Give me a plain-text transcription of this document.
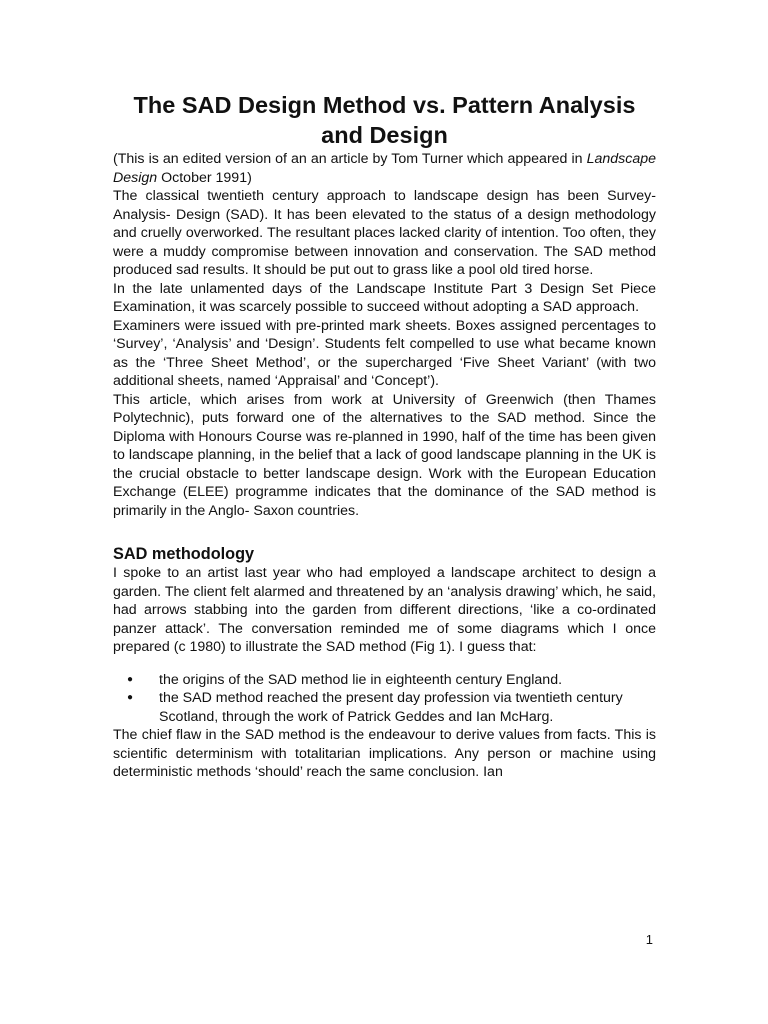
The SAD Design Method vs. Pattern Analysis
and Design

(This is an edited version of an an article by Tom Turner which appeared in Landscape Design October 1991)

The classical twentieth century approach to landscape design has been Survey-Analysis- Design (SAD). It has been elevated to the status of a design methodology and cruelly overworked. The resultant places lacked clarity of intention. Too often, they were a muddy compromise between innovation and conservation. The SAD method produced sad results. It should be put out to grass like a pool old tired horse.

In the late unlamented days of the Landscape Institute Part 3 Design Set Piece Examination, it was scarcely possible to succeed without adopting a SAD approach.

Examiners were issued with pre-printed mark sheets. Boxes assigned percentages to ‘Survey’, ‘Analysis’ and ‘Design’. Students felt compelled to use what became known as the ‘Three Sheet Method’, or the supercharged ‘Five Sheet Variant’ (with two additional sheets, named ‘Appraisal’ and ‘Concept’).

This article, which arises from work at University of Greenwich (then Thames Polytechnic), puts forward one of the alternatives to the SAD method. Since the Diploma with Honours Course was re-planned in 1990, half of the time has been given to landscape planning, in the belief that a lack of good landscape planning in the UK is the crucial obstacle to better landscape design. Work with the European Education Exchange (ELEE) programme indicates that the dominance of the SAD method is primarily in the Anglo- Saxon countries.

SAD methodology

I spoke to an artist last year who had employed a landscape architect to design a garden. The client felt alarmed and threatened by an ‘analysis drawing’ which, he said, had arrows stabbing into the garden from different directions, ‘like a co-ordinated panzer attack’. The conversation reminded me of some diagrams which I once prepared (c 1980) to illustrate the SAD method (Fig 1). I guess that:

● the origins of the SAD method lie in eighteenth century England.
● the SAD method reached the present day profession via twentieth century Scotland, through the work of Patrick Geddes and Ian McHarg.

The chief flaw in the SAD method is the endeavour to derive values from facts. This is scientific determinism with totalitarian implications. Any person or machine using deterministic methods ‘should’ reach the same conclusion. Ian

1
